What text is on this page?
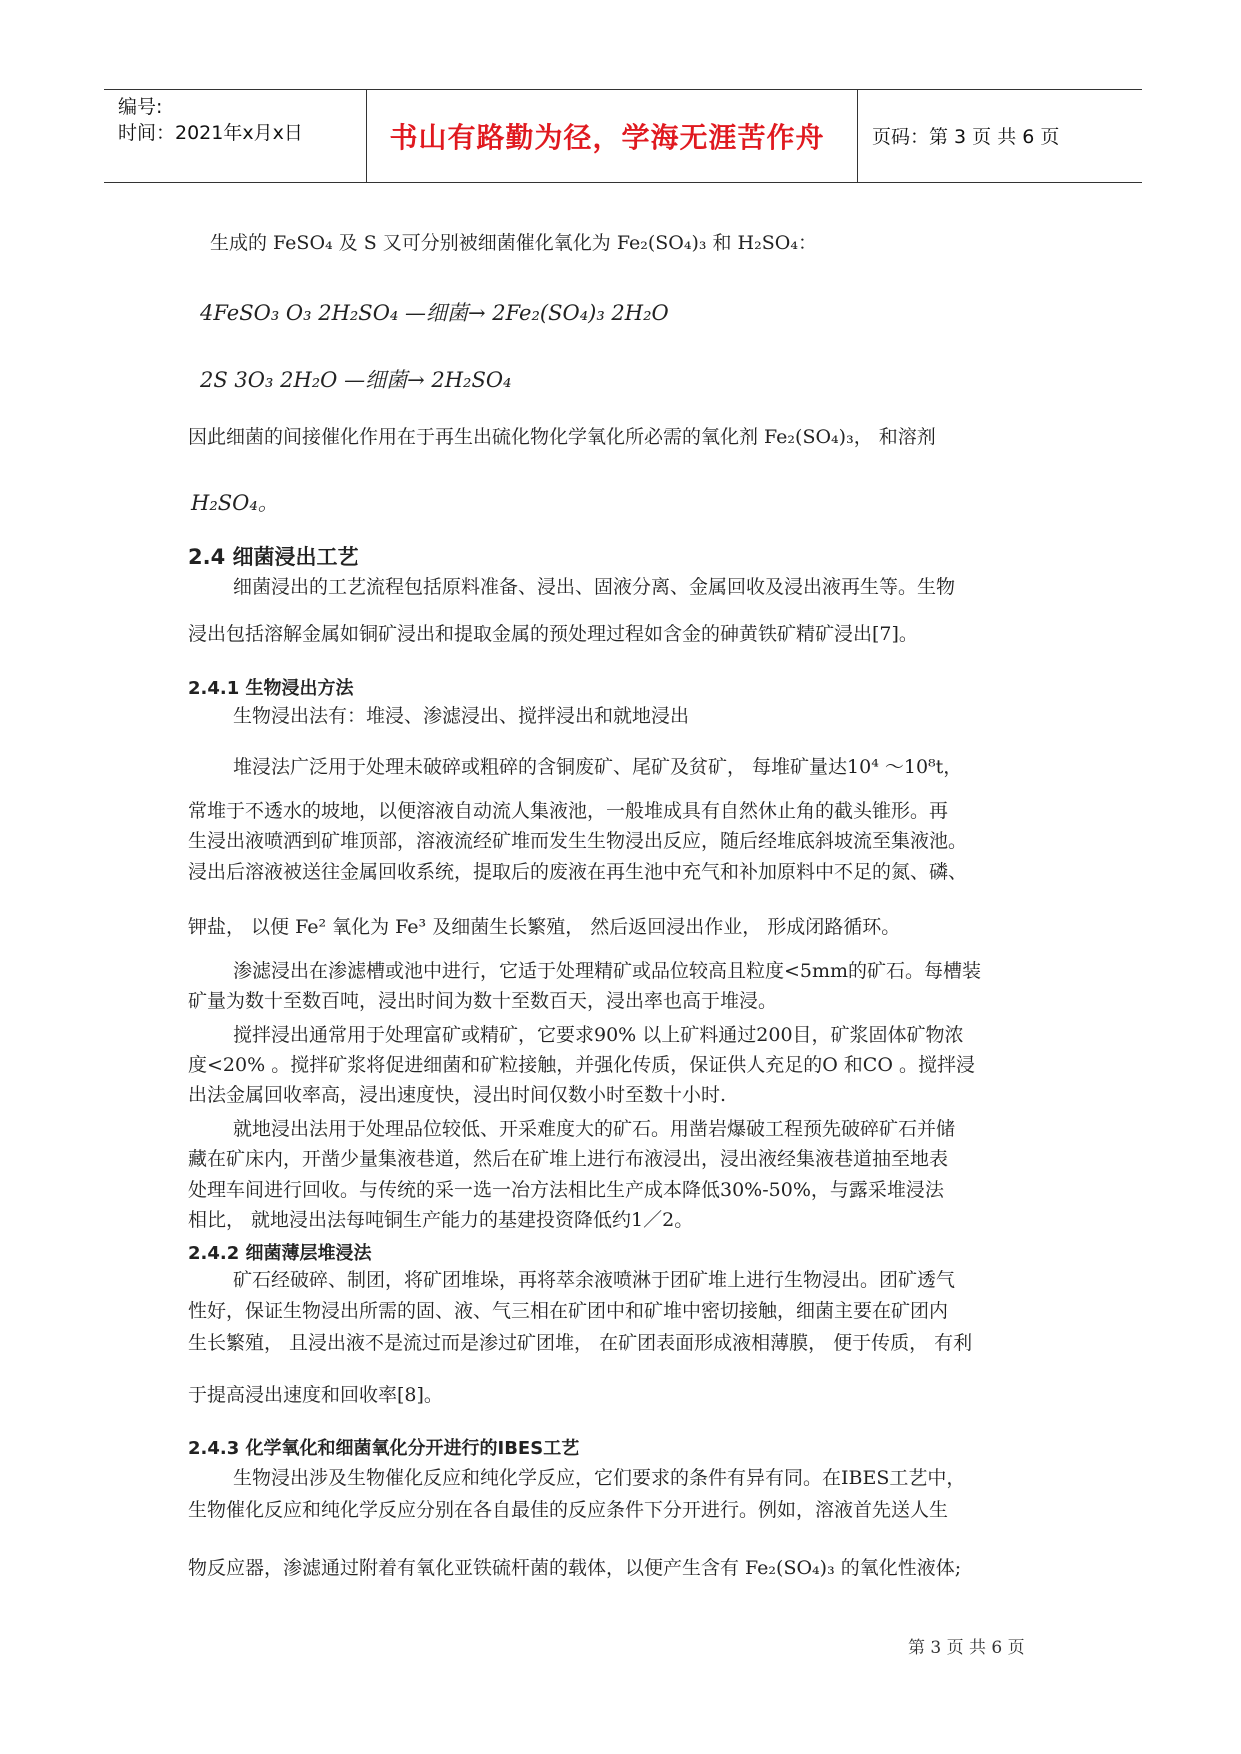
编号:
时间：2021年x月x日	书山有路勤为径，学海无涯苦作舟	页码：第 3 页 共 6 页
生成的 FeSO₄ 及 S 又可分别被细菌催化氧化为 Fe₂(SO₄)₃ 和 H₂SO₄：
4FeSO₃ O₃ 2H₂SO₄ —细菌→ 2Fe₂(SO₄)₃ 2H₂O
2S 3O₃ 2H₂O —细菌→ 2H₂SO₄
因此细菌的间接催化作用在于再生出硫化物化学氧化所必需的氧化剂 Fe₂(SO₄)₃， 和溶剂
H₂SO₄。
2.4 细菌浸出工艺
细菌浸出的工艺流程包括原料准备、浸出、固液分离、金属回收及浸出液再生等。生物
浸出包括溶解金属如铜矿浸出和提取金属的预处理过程如含金的砷黄铁矿精矿浸出[7]。
2.4.1 生物浸出方法
生物浸出法有：堆浸、渗滤浸出、搅拌浸出和就地浸出
堆浸法广泛用于处理未破碎或粗碎的含铜废矿、尾矿及贫矿， 每堆矿量达10⁴ ～10⁸t，
常堆于不透水的坡地，以便溶液自动流人集液池，一般堆成具有自然休止角的截头锥形。再
生浸出液喷洒到矿堆顶部，溶液流经矿堆而发生生物浸出反应，随后经堆底斜坡流至集液池。
浸出后溶液被送往金属回收系统，提取后的废液在再生池中充气和补加原料中不足的氮、磷、
钾盐， 以便 Fe² 氧化为 Fe³ 及细菌生长繁殖， 然后返回浸出作业， 形成闭路循环。
渗滤浸出在渗滤槽或池中进行，它适于处理精矿或品位较高且粒度<5mm的矿石。每槽装
矿量为数十至数百吨，浸出时间为数十至数百天，浸出率也高于堆浸。
搅拌浸出通常用于处理富矿或精矿，它要求90% 以上矿料通过200目，矿浆固体矿物浓
度<20% 。搅拌矿浆将促进细菌和矿粒接触，并强化传质，保证供人充足的O 和CO 。搅拌浸
出法金属回收率高，浸出速度快，浸出时间仅数小时至数十小时.
就地浸出法用于处理品位较低、开采难度大的矿石。用凿岩爆破工程预先破碎矿石并储
藏在矿床内，开凿少量集液巷道，然后在矿堆上进行布液浸出，浸出液经集液巷道抽至地表
处理车间进行回收。与传统的采一选一冶方法相比生产成本降低30%-50%，与露采堆浸法
相比， 就地浸出法每吨铜生产能力的基建投资降低约1／2。
2.4.2 细菌薄层堆浸法
矿石经破碎、制团，将矿团堆垛，再将萃余液喷淋于团矿堆上进行生物浸出。团矿透气
性好，保证生物浸出所需的固、液、气三相在矿团中和矿堆中密切接触，细菌主要在矿团内
生长繁殖， 且浸出液不是流过而是渗过矿团堆， 在矿团表面形成液相薄膜， 便于传质， 有利
于提高浸出速度和回收率[8]。
2.4.3 化学氧化和细菌氧化分开进行的IBES工艺
生物浸出涉及生物催化反应和纯化学反应，它们要求的条件有异有同。在IBES工艺中，
生物催化反应和纯化学反应分别在各自最佳的反应条件下分开进行。例如，溶液首先送人生
物反应器，渗滤通过附着有氧化亚铁硫杆菌的载体，以便产生含有 Fe₂(SO₄)₃ 的氧化性液体;
第 3 页 共 6 页
